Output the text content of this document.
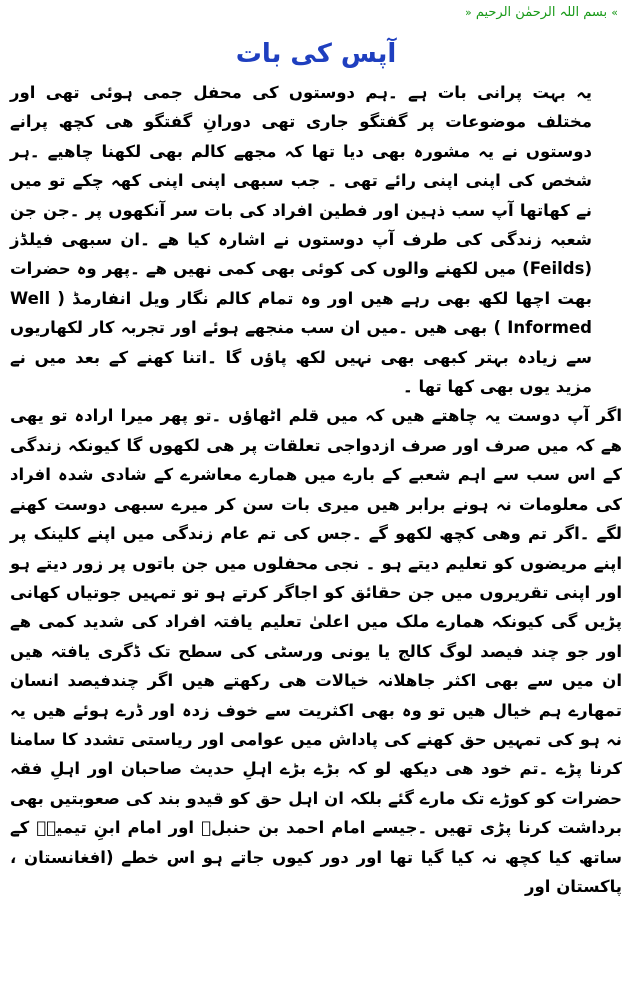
» بسم اللہ الرحمٰن الرحیم «
آپس کی بات

یہ بہت پرانی بات ہے ۔ہم دوستوں کی محفل جمی ہوئی تھی اور مختلف موضوعات پر گفتگو جاری تھی دورانِ گفتگو ھی کچھ پرانے دوستوں نے یہ مشورہ بھی دیا تھا کہ مجھے کالم بھی لکھنا چاھیے ۔ہر شخص کی اپنی اپنی رائے تھی ۔ جب سبھی اپنی اپنی کھہ چکے تو میں نے کھاتھا آپ سب ذہین اور فطین افراد کی بات سر آنکھوں پر ۔جن جن شعبہ زندگی کی طرف آپ دوستوں نے اشارہ کیا ھے ۔ان سبھی فیلڈز (Feilds) میں لکھنے والوں کی کوئی بھی کمی نھیں ھے ۔پھر وہ حضرات بھت اچھا لکھ بھی رہے ھیں اور وہ تمام کالم نگار ویل انفارمڈ ( Well Informed ) بھی ھیں ۔میں ان سب منجھے ہوئے اور تجربہ کار لکھاریوں سے زیادہ بہتر کبھی بھی نہیں لکھ پاؤں گا ۔اتنا کھنے کے بعد میں نے مزید یوں بھی کھا تھا ۔

اگر آپ دوست یہ چاھتے ھیں کہ میں قلم اٹھاؤں ۔تو پھر میرا ارادہ تو یھی ھے کہ میں صرف اور صرف ازدواجی تعلقات پر ھی لکھوں گا کیونکہ زندگی کے اس سب سے اہم شعبے کے بارے میں ھمارے معاشرے کے شادی شدہ افراد کی معلومات نہ ہونے برابر ھیں میری بات سن کر میرے سبھی دوست کھنے لگے ۔اگر تم وھی کچھ لکھو گے ۔جس کی تم عام زندگی میں اپنے کلینک پر اپنے مریضوں کو تعلیم دیتے ہو ۔ نجی محفلوں میں جن باتوں پر زور دیتے ہو اور اپنی تقریروں میں جن حقائق کو اجاگر کرتے ہو تو تمہیں جوتیاں کھانی پڑیں گی کیونکہ ھمارے ملک میں اعلیٰ تعلیم یافتہ افراد کی شدید کمی ھے اور جو چند فیصد لوگ کالج یا یونی ورسٹی کی سطح تک ڈگری یافتہ ھیں ان میں سے بھی اکثر جاھلانہ خیالات ھی رکھتے ھیں اگر چندفیصد انسان تمھارے ہم خیال ھیں تو وہ بھی اکثریت سے خوف زدہ اور ڈرے ہوئے ھیں یہ نہ ہو کی تمہیں حق کھنے کی پاداش میں عوامی اور ریاستی تشدد کا سامنا کرنا پڑے ۔تم خود ھی دیکھ لو کہ بڑے بڑے اہلِ حدیث صاحبان اور اہلِ فقہ حضرات کو کوڑے تک مارے گئے بلکہ ان اہل حق کو قیدو بند کی صعوبتیں بھی برداشت کرنا پڑی تھیں ۔جیسے امام احمد بن حنبلؒ اور امام ابنِ تیمیہؒ کے ساتھ کیا کچھ نہ کیا گیا تھا اور دور کیوں جاتے ہو اس خطے (افغانستان ، پاکستان اور
